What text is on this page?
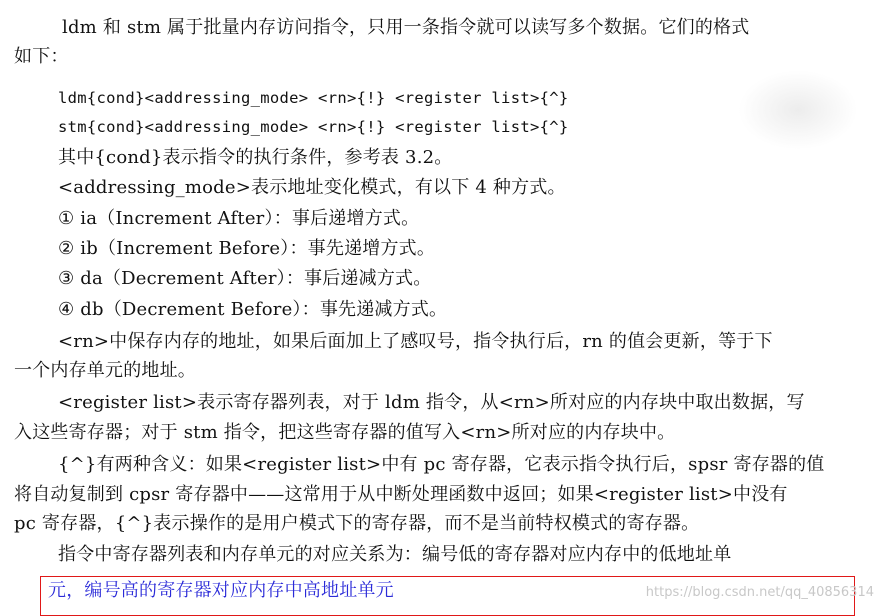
ldm 和 stm 属于批量内存访问指令，只用一条指令就可以读写多个数据。它们的格式
如下：
ldm{cond}<addressing_mode> <rn>{!} <register list>{^}
stm{cond}<addressing_mode> <rn>{!} <register list>{^}
其中{cond}表示指令的执行条件，参考表 3.2。
<addressing_mode>表示地址变化模式，有以下 4 种方式。
① ia（Increment After）：事后递增方式。
② ib（Increment Before）：事先递增方式。
③ da（Decrement After）：事后递减方式。
④ db（Decrement Before）：事先递减方式。
<rn>中保存内存的地址，如果后面加上了感叹号，指令执行后，rn 的值会更新，等于下
一个内存单元的地址。
<register list>表示寄存器列表，对于 ldm 指令，从<rn>所对应的内存块中取出数据，写
入这些寄存器；对于 stm 指令，把这些寄存器的值写入<rn>所对应的内存块中。
{^}有两种含义：如果<register list>中有 pc 寄存器，它表示指令执行后，spsr 寄存器的值
将自动复制到 cpsr 寄存器中——这常用于从中断处理函数中返回；如果<register list>中没有
pc 寄存器，{^}表示操作的是用户模式下的寄存器，而不是当前特权模式的寄存器。
指令中寄存器列表和内存单元的对应关系为：编号低的寄存器对应内存中的低地址单
元，编号高的寄存器对应内存中高地址单元	https://blog.csdn.net/qq_40856314
